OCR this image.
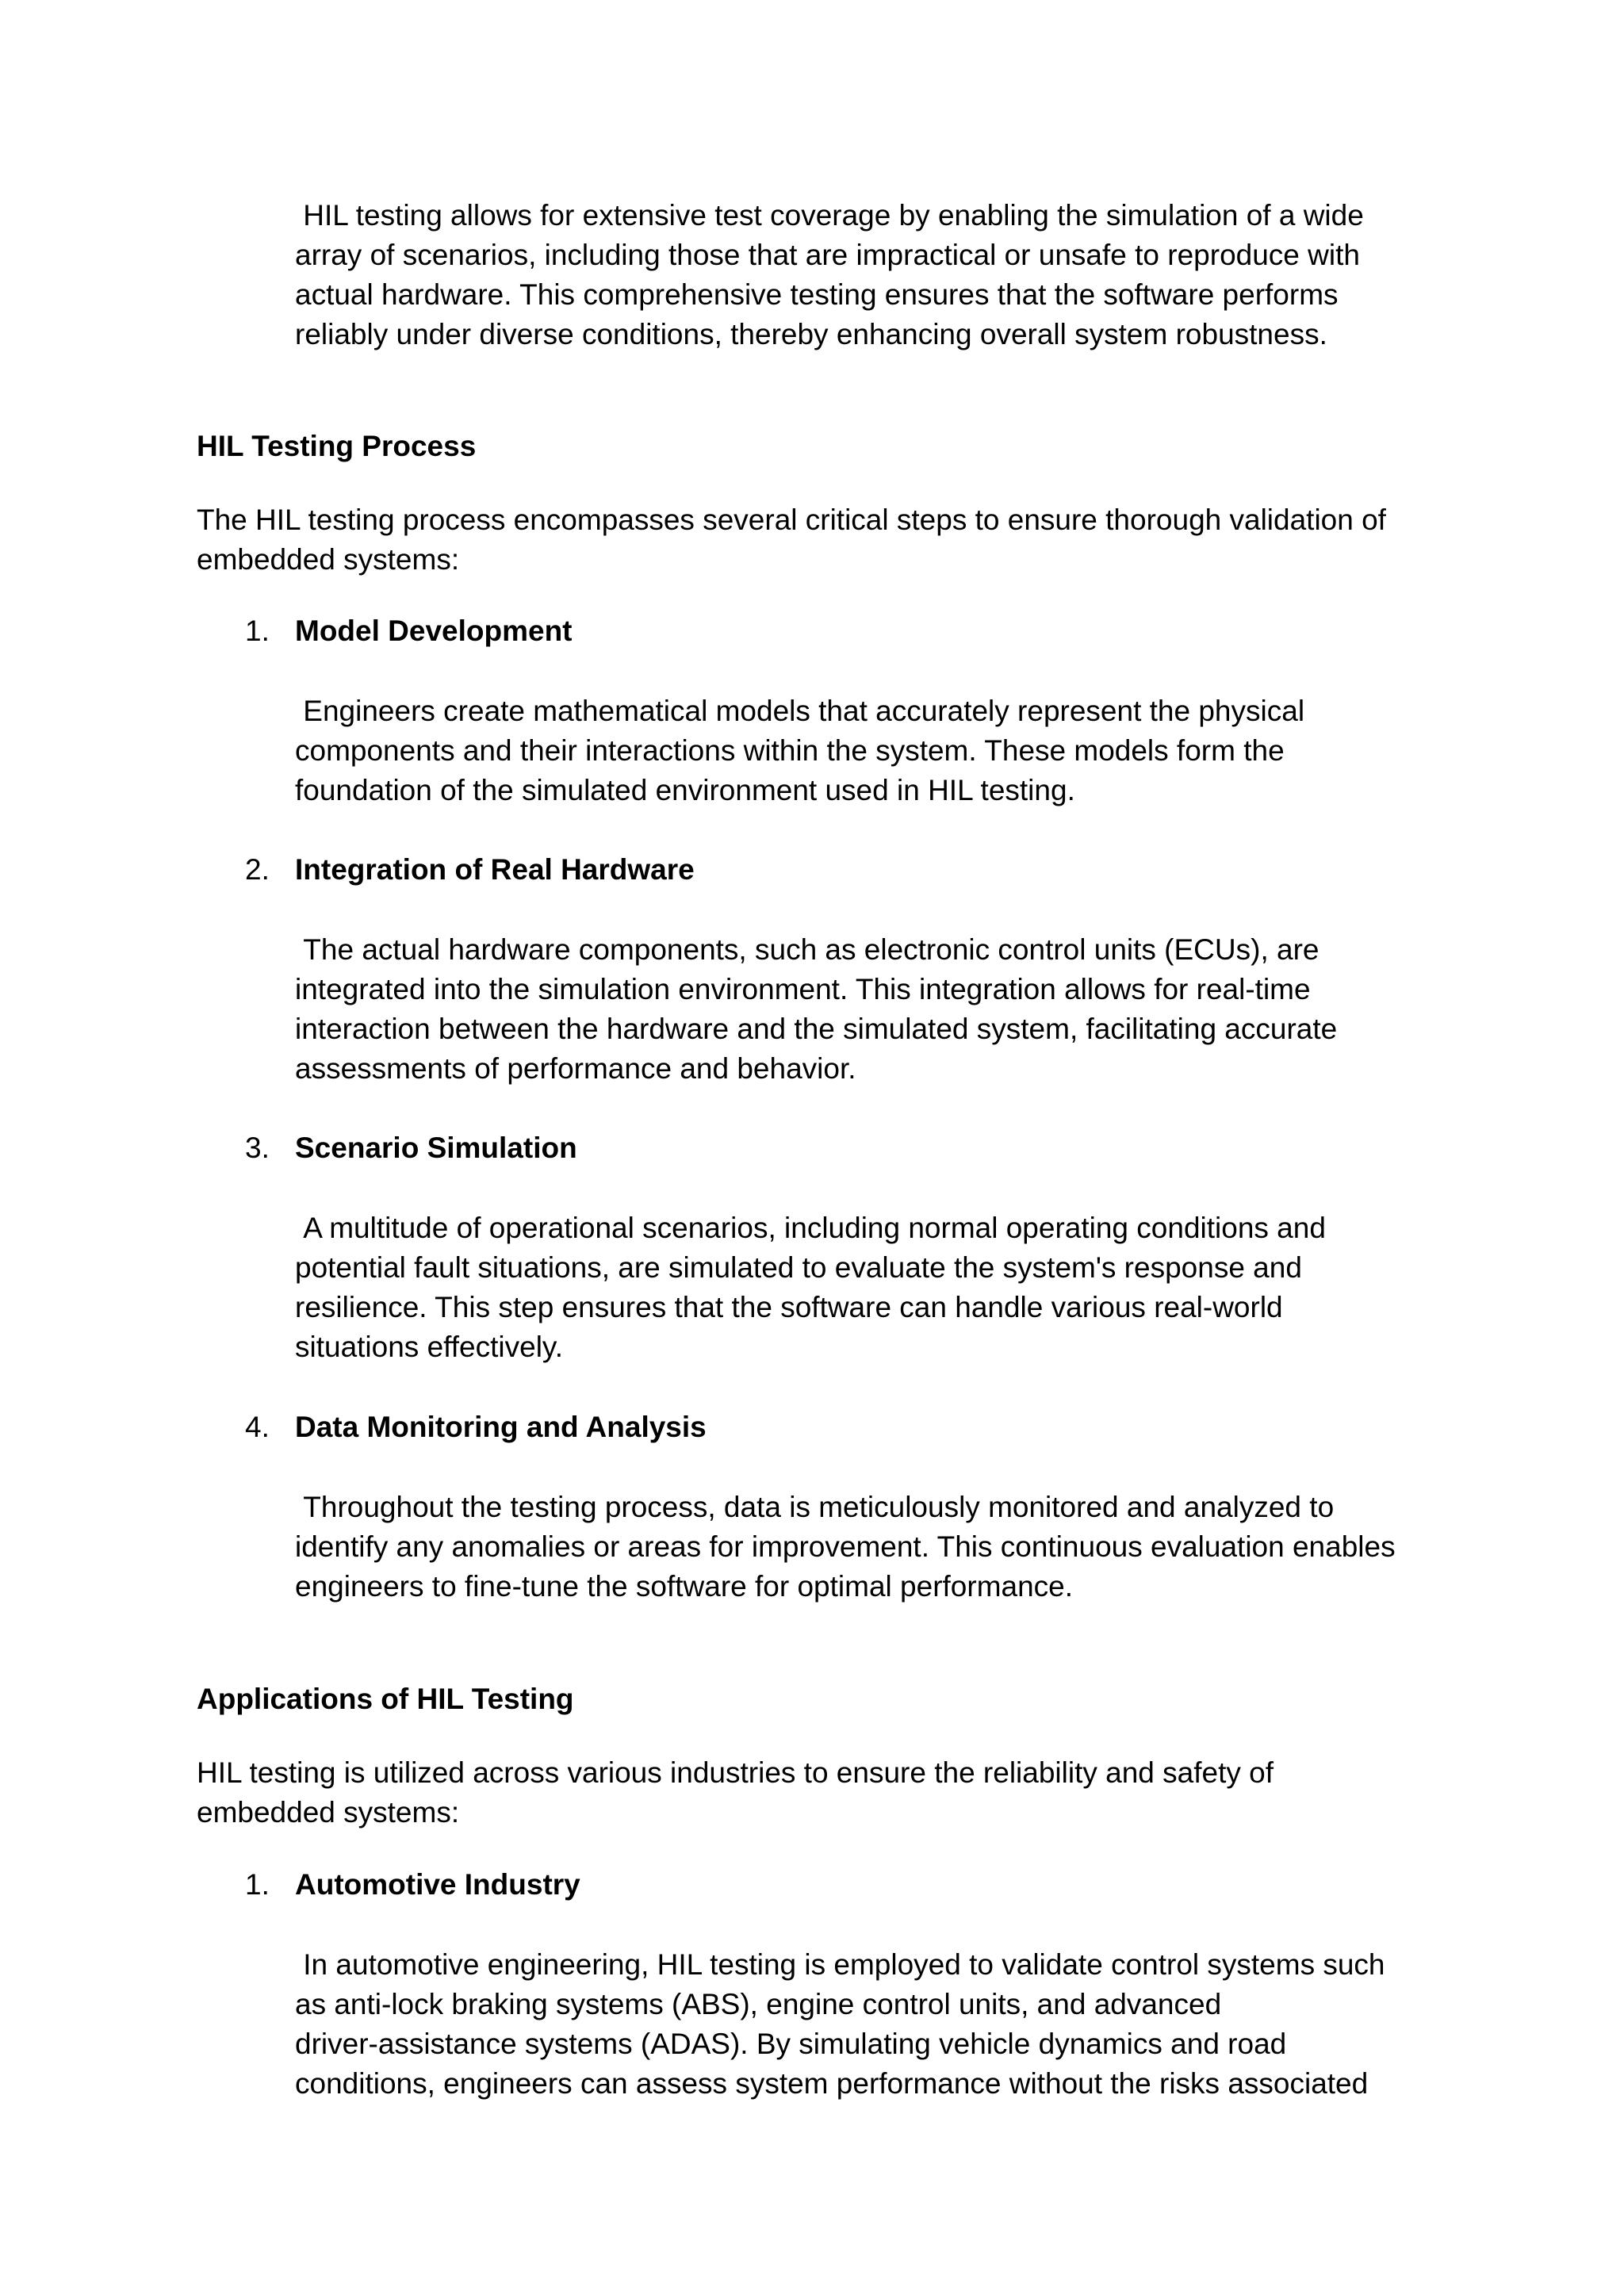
HIL testing allows for extensive test coverage by enabling the simulation of a wide
array of scenarios, including those that are impractical or unsafe to reproduce with
actual hardware. This comprehensive testing ensures that the software performs
reliably under diverse conditions, thereby enhancing overall system robustness.

HIL Testing Process

The HIL testing process encompasses several critical steps to ensure thorough validation of
embedded systems:

1. Model Development

Engineers create mathematical models that accurately represent the physical
components and their interactions within the system. These models form the
foundation of the simulated environment used in HIL testing.

2. Integration of Real Hardware

The actual hardware components, such as electronic control units (ECUs), are
integrated into the simulation environment. This integration allows for real-time
interaction between the hardware and the simulated system, facilitating accurate
assessments of performance and behavior.

3. Scenario Simulation

A multitude of operational scenarios, including normal operating conditions and
potential fault situations, are simulated to evaluate the system's response and
resilience. This step ensures that the software can handle various real-world
situations effectively.

4. Data Monitoring and Analysis

Throughout the testing process, data is meticulously monitored and analyzed to
identify any anomalies or areas for improvement. This continuous evaluation enables
engineers to fine-tune the software for optimal performance.

Applications of HIL Testing

HIL testing is utilized across various industries to ensure the reliability and safety of
embedded systems:

1. Automotive Industry

In automotive engineering, HIL testing is employed to validate control systems such
as anti-lock braking systems (ABS), engine control units, and advanced
driver-assistance systems (ADAS). By simulating vehicle dynamics and road
conditions, engineers can assess system performance without the risks associated
